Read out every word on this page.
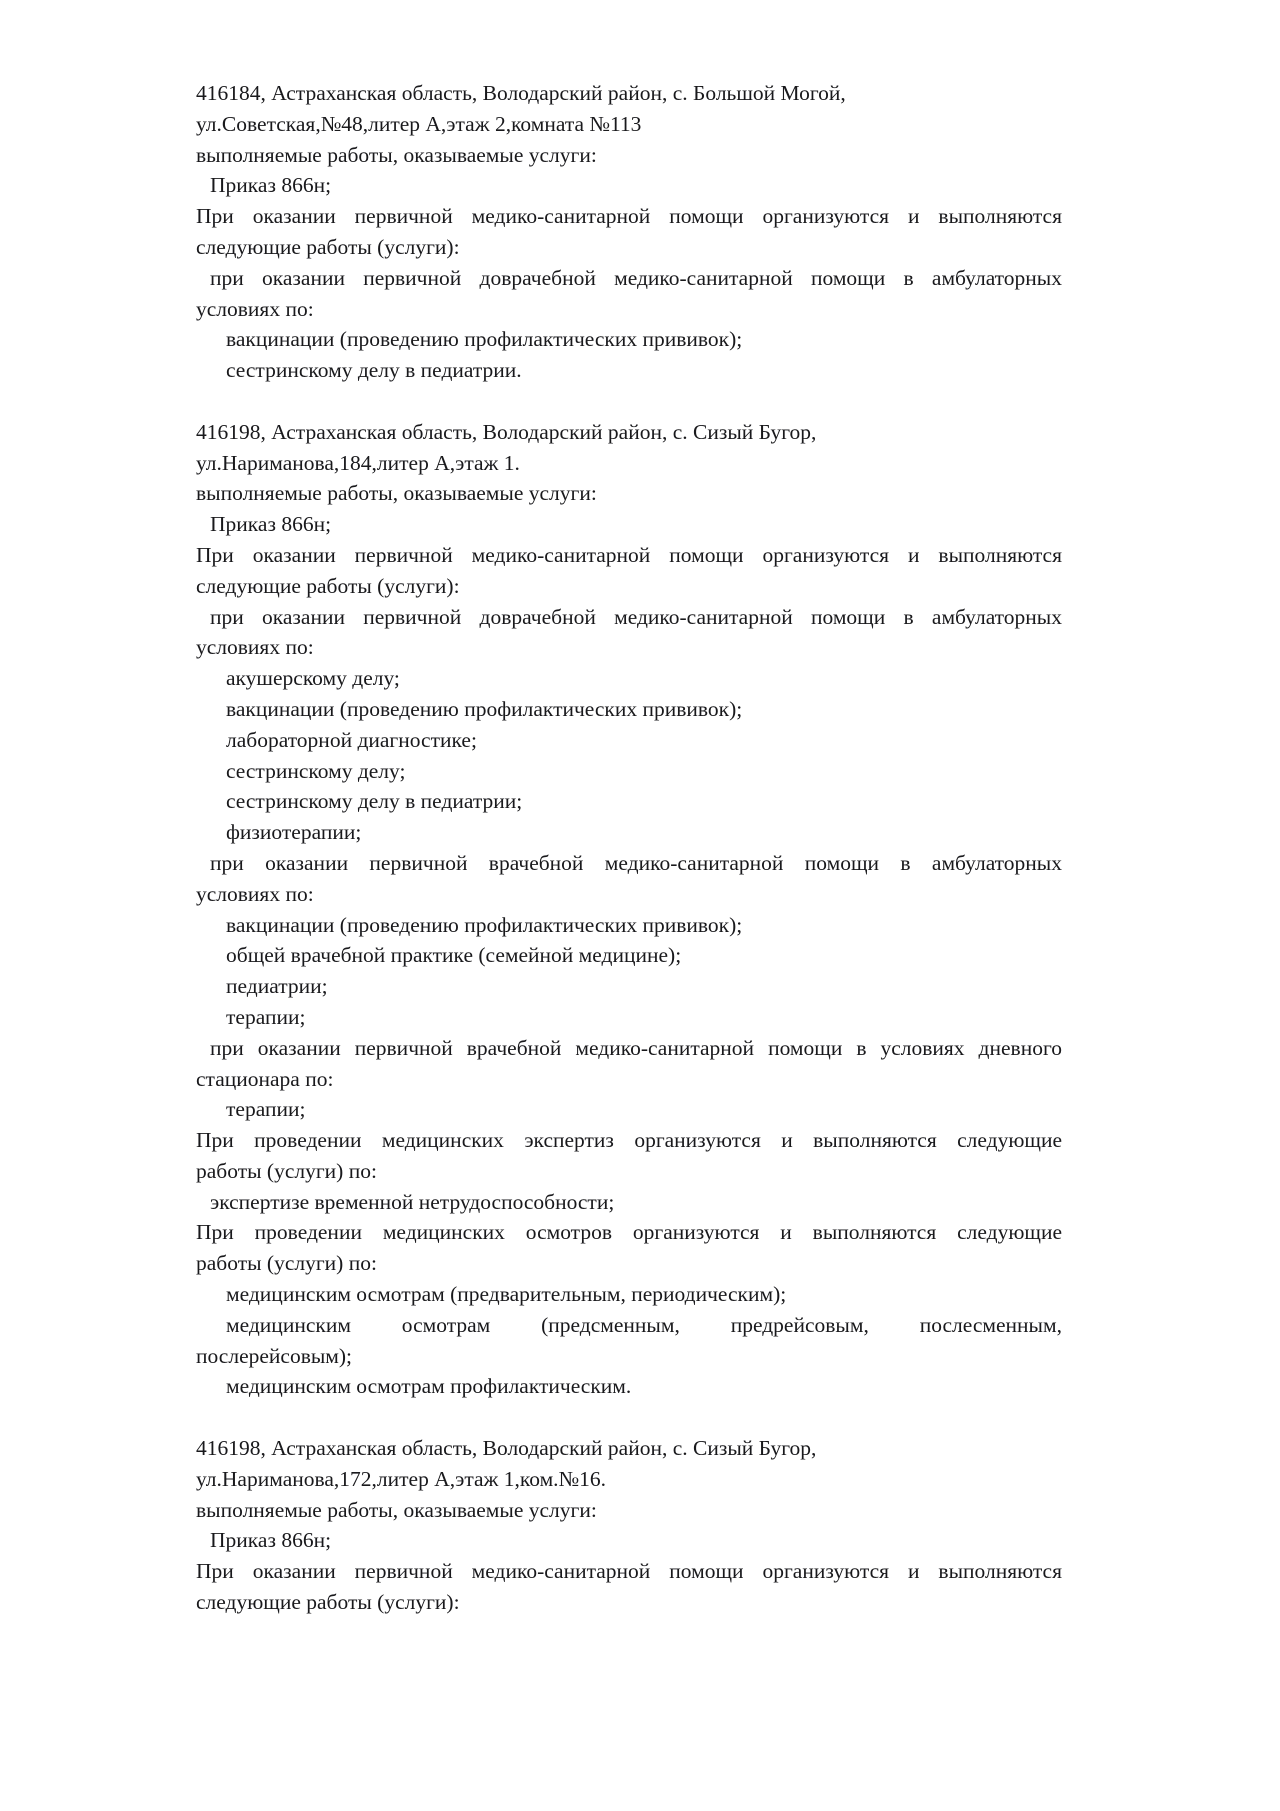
416184, Астраханская область, Володарский район, с. Большой Могой,
ул.Советская,№48,литер А,этаж 2,комната №113
выполняемые работы, оказываемые услуги:
Приказ 866н;
При оказании первичной медико-санитарной помощи организуются и выполняются
следующие работы (услуги):
при оказании первичной доврачебной медико-санитарной помощи в амбулаторных
условиях по:
вакцинации (проведению профилактических прививок);
сестринскому делу в педиатрии.
416198, Астраханская область, Володарский район, с. Сизый Бугор,
ул.Нариманова,184,литер А,этаж 1.
выполняемые работы, оказываемые услуги:
Приказ 866н;
При оказании первичной медико-санитарной помощи организуются и выполняются
следующие работы (услуги):
при оказании первичной доврачебной медико-санитарной помощи в амбулаторных
условиях по:
акушерскому делу;
вакцинации (проведению профилактических прививок);
лабораторной диагностике;
сестринскому делу;
сестринскому делу в педиатрии;
физиотерапии;
при оказании первичной врачебной медико-санитарной помощи в амбулаторных
условиях по:
вакцинации (проведению профилактических прививок);
общей врачебной практике (семейной медицине);
педиатрии;
терапии;
при оказании первичной врачебной медико-санитарной помощи в условиях дневного
стационара по:
терапии;
При проведении медицинских экспертиз организуются и выполняются следующие
работы (услуги) по:
экспертизе временной нетрудоспособности;
При проведении медицинских осмотров организуются и выполняются следующие
работы (услуги) по:
медицинским осмотрам (предварительным, периодическим);
медицинским осмотрам (предсменным, предрейсовым, послесменным,
послерейсовым);
медицинским осмотрам профилактическим.
416198, Астраханская область, Володарский район, с. Сизый Бугор,
ул.Нариманова,172,литер А,этаж 1,ком.№16.
выполняемые работы, оказываемые услуги:
Приказ 866н;
При оказании первичной медико-санитарной помощи организуются и выполняются
следующие работы (услуги):
